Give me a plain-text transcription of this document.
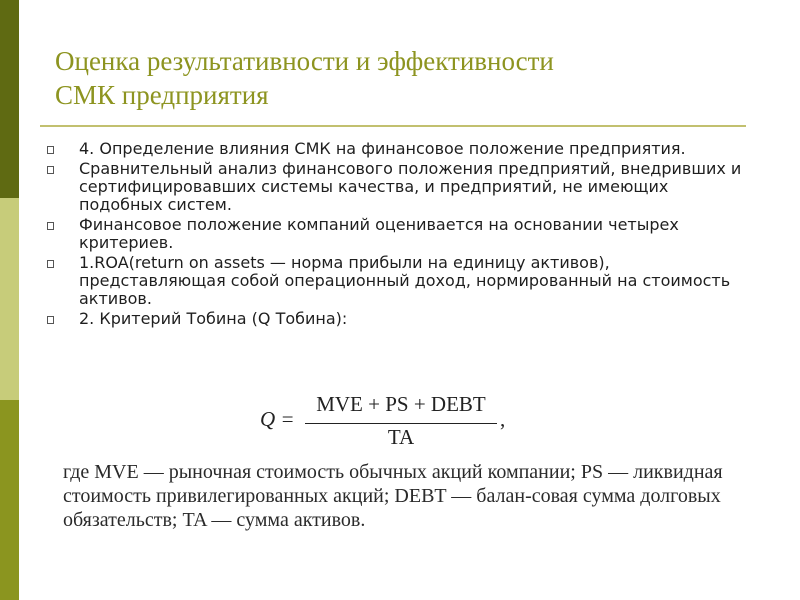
Оценка результативности и эффективности
СМК предприятия
4. Определение влияния СМК на финансовое положение предприятия.
Сравнительный анализ финансового положения предприятий, внедривших и сертифицировавших системы качества, и предприятий, не имеющих подобных систем.
Финансовое положение компаний оценивается на основании четырех критериев.
1.ROA(return on assets — норма прибыли на единицу активов), представляющая собой операционный доход, нормированный на стоимость активов.
2. Критерий Тобина (Q Тобина):
Q =
MVE + PS + DEBT
TA
,
где MVE — рыночная стоимость обычных акций компании; PS — ликвидная стоимость привилегированных акций; DEBT — балан-совая сумма долговых обязательств; TA — сумма активов.
